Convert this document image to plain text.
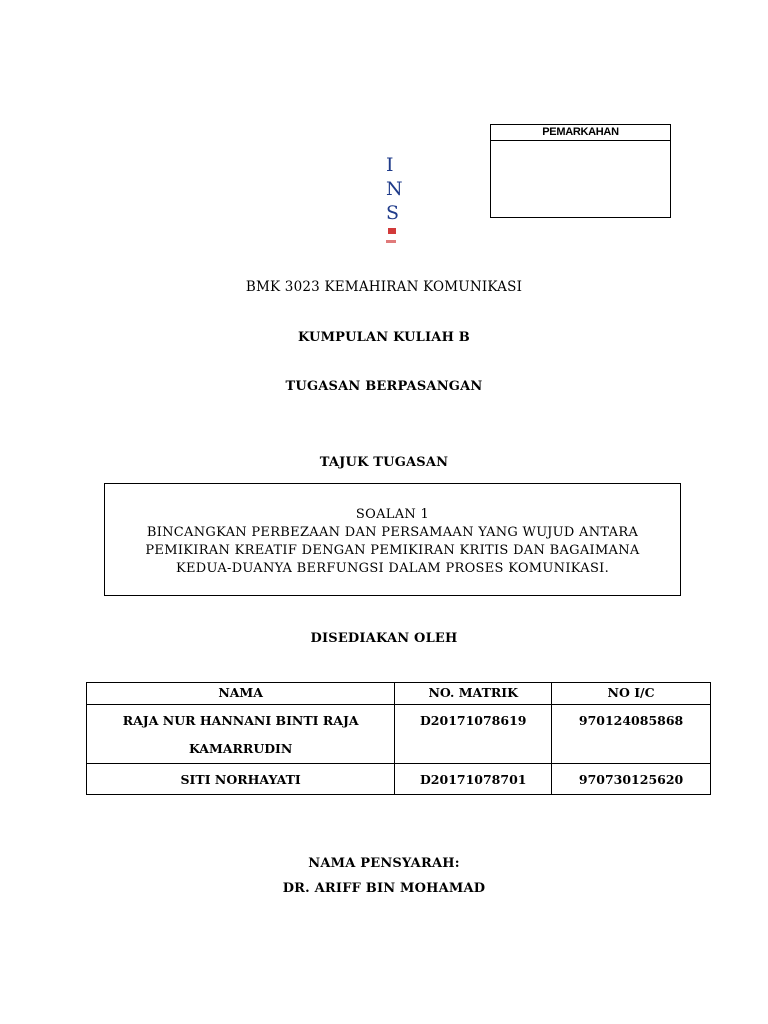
PEMARKAHAN
I
N
S
BMK 3023 KEMAHIRAN KOMUNIKASI
KUMPULAN KULIAH B
TUGASAN BERPASANGAN
TAJUK TUGASAN
SOALAN 1
BINCANGKAN PERBEZAAN DAN PERSAMAAN YANG WUJUD ANTARA
PEMIKIRAN KREATIF DENGAN PEMIKIRAN KRITIS DAN BAGAIMANA
KEDUA-DUANYA BERFUNGSI DALAM PROSES KOMUNIKASI.
DISEDIAKAN OLEH
NAMA	NO. MATRIK	NO I/C
RAJA NUR HANNANI BINTI RAJA KAMARRUDIN	D20171078619	970124085868
SITI NORHAYATI	D20171078701	970730125620
NAMA PENSYARAH:
DR. ARIFF BIN MOHAMAD
